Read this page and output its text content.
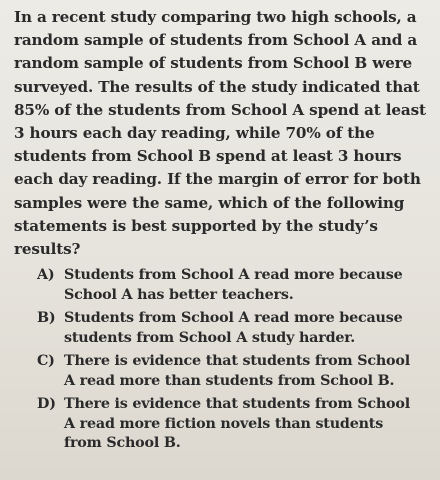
In a recent study comparing two high schools, a
random sample of students from School A and a
random sample of students from School B were
surveyed. The results of the study indicated that
85% of the students from School A spend at least
3 hours each day reading, while 70% of the
students from School B spend at least 3 hours
each day reading. If the margin of error for both
samples were the same, which of the following
statements is best supported by the study’s
results?
A) Students from School A read more because
School A has better teachers.
B) Students from School A read more because
students from School A study harder.
C) There is evidence that students from School
A read more than students from School B.
D) There is evidence that students from School
A read more fiction novels than students
from School B.
